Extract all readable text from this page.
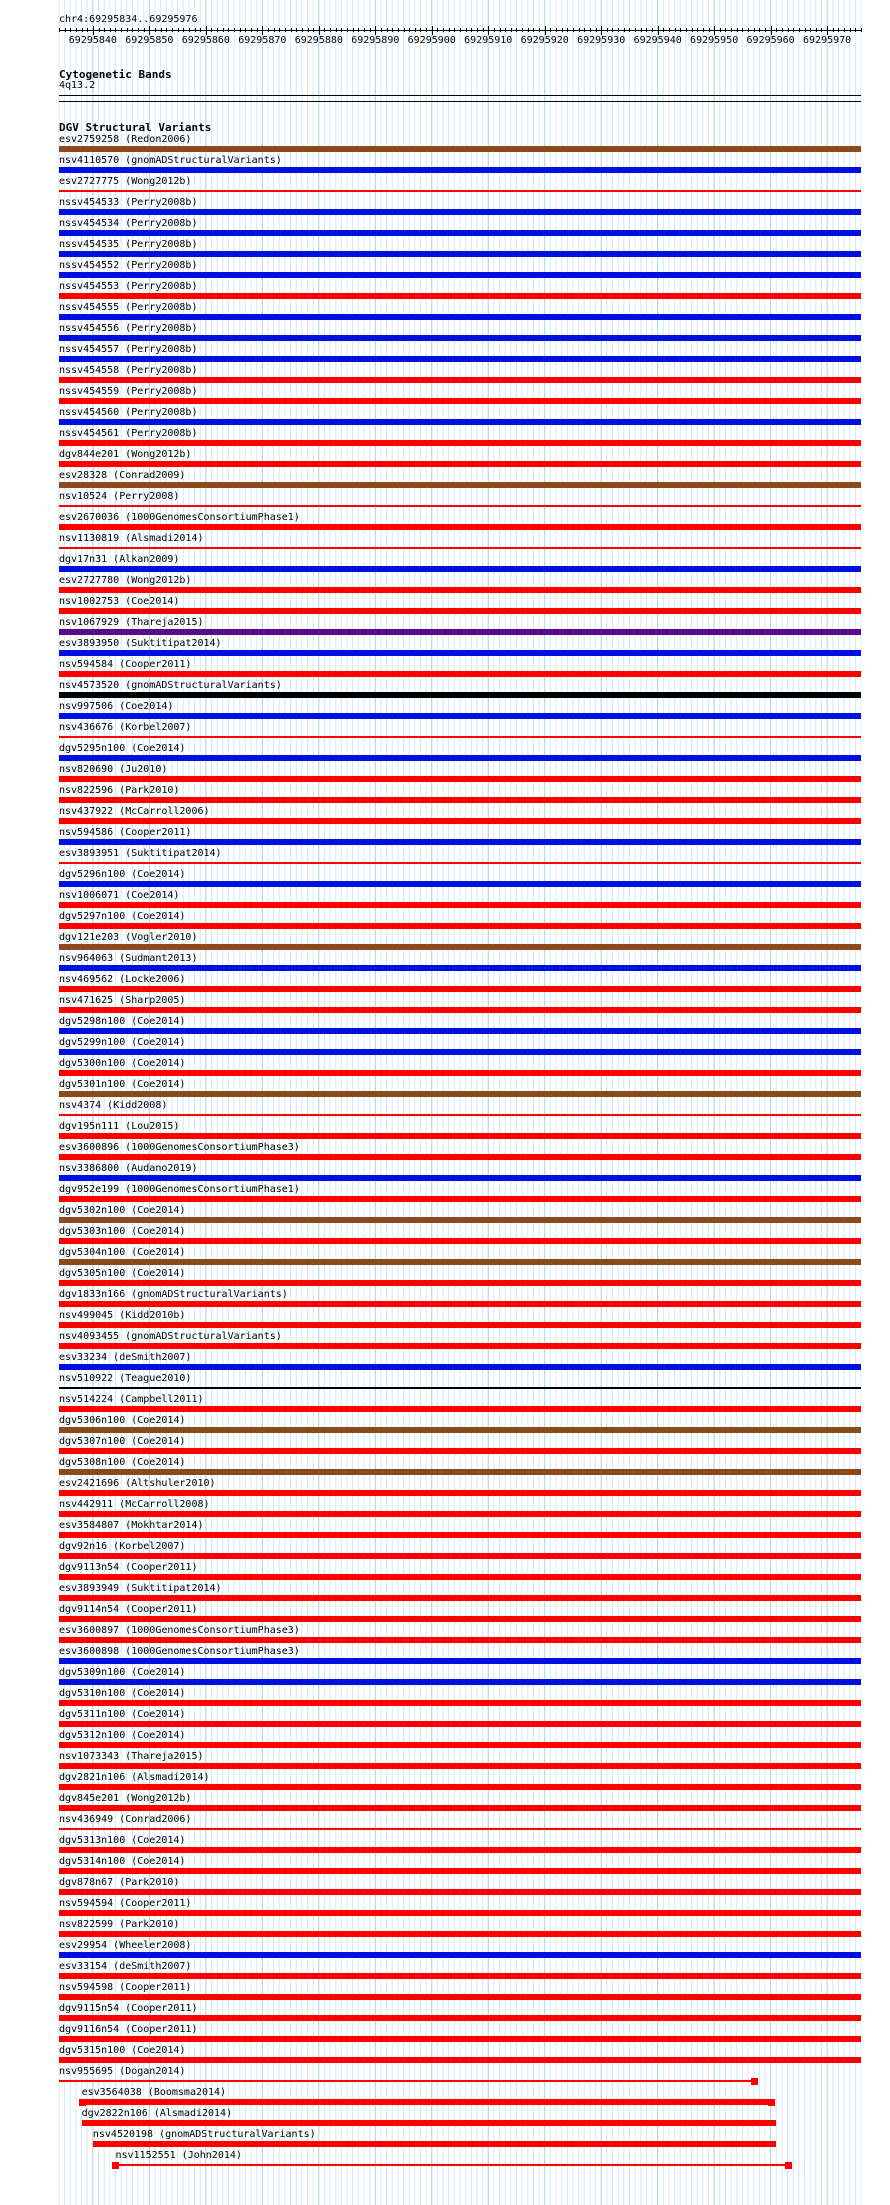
chr4:69295834..69295976
69295840 69295850 69295860 69295870 69295880 69295890 69295900 69295910 69295920 69295930 69295940 69295950 69295960 69295970
Cytogenetic Bands
4q13.2
DGV Structural Variants
esv2759258 (Redon2006)
nsv4110570 (gnomADStructuralVariants)
esv2727775 (Wong2012b)
nssv454533 (Perry2008b)
nssv454534 (Perry2008b)
nssv454535 (Perry2008b)
nssv454552 (Perry2008b)
nssv454553 (Perry2008b)
nssv454555 (Perry2008b)
nssv454556 (Perry2008b)
nssv454557 (Perry2008b)
nssv454558 (Perry2008b)
nssv454559 (Perry2008b)
nssv454560 (Perry2008b)
nssv454561 (Perry2008b)
dgv844e201 (Wong2012b)
esv28328 (Conrad2009)
nsv10524 (Perry2008)
esv2670036 (1000GenomesConsortiumPhase1)
nsv1130819 (Alsmadi2014)
dgv17n31 (Alkan2009)
esv2727780 (Wong2012b)
nsv1002753 (Coe2014)
nsv1067929 (Thareja2015)
esv3893950 (Suktitipat2014)
nsv594584 (Cooper2011)
nsv4573520 (gnomADStructuralVariants)
nsv997506 (Coe2014)
nsv436676 (Korbel2007)
dgv5295n100 (Coe2014)
nsv820690 (Ju2010)
nsv822596 (Park2010)
nsv437922 (McCarroll2006)
nsv594586 (Cooper2011)
esv3893951 (Suktitipat2014)
dgv5296n100 (Coe2014)
nsv1006071 (Coe2014)
dgv5297n100 (Coe2014)
dgv121e203 (Vogler2010)
nsv964063 (Sudmant2013)
nsv469562 (Locke2006)
nsv471625 (Sharp2005)
dgv5298n100 (Coe2014)
dgv5299n100 (Coe2014)
dgv5300n100 (Coe2014)
dgv5301n100 (Coe2014)
nsv4374 (Kidd2008)
dgv195n111 (Lou2015)
esv3600896 (1000GenomesConsortiumPhase3)
nsv3386800 (Audano2019)
dgv952e199 (1000GenomesConsortiumPhase1)
dgv5302n100 (Coe2014)
dgv5303n100 (Coe2014)
dgv5304n100 (Coe2014)
dgv5305n100 (Coe2014)
dgv1833n166 (gnomADStructuralVariants)
nsv499045 (Kidd2010b)
nsv4093455 (gnomADStructuralVariants)
esv33234 (deSmith2007)
nsv510922 (Teague2010)
nsv514224 (Campbell2011)
dgv5306n100 (Coe2014)
dgv5307n100 (Coe2014)
dgv5308n100 (Coe2014)
esv2421696 (Altshuler2010)
nsv442911 (McCarroll2008)
esv3584807 (Mokhtar2014)
dgv92n16 (Korbel2007)
dgv9113n54 (Cooper2011)
esv3893949 (Suktitipat2014)
dgv9114n54 (Cooper2011)
esv3600897 (1000GenomesConsortiumPhase3)
esv3600898 (1000GenomesConsortiumPhase3)
dgv5309n100 (Coe2014)
dgv5310n100 (Coe2014)
dgv5311n100 (Coe2014)
dgv5312n100 (Coe2014)
nsv1073343 (Thareja2015)
dgv2821n106 (Alsmadi2014)
dgv845e201 (Wong2012b)
nsv436949 (Conrad2006)
dgv5313n100 (Coe2014)
dgv5314n100 (Coe2014)
dgv878n67 (Park2010)
nsv594594 (Cooper2011)
nsv822599 (Park2010)
esv29954 (Wheeler2008)
esv33154 (deSmith2007)
nsv594598 (Cooper2011)
dgv9115n54 (Cooper2011)
dgv9116n54 (Cooper2011)
dgv5315n100 (Coe2014)
nsv955695 (Dogan2014)
esv3564038 (Boomsma2014)
dgv2822n106 (Alsmadi2014)
nsv4520198 (gnomADStructuralVariants)
nsv1152551 (John2014)
